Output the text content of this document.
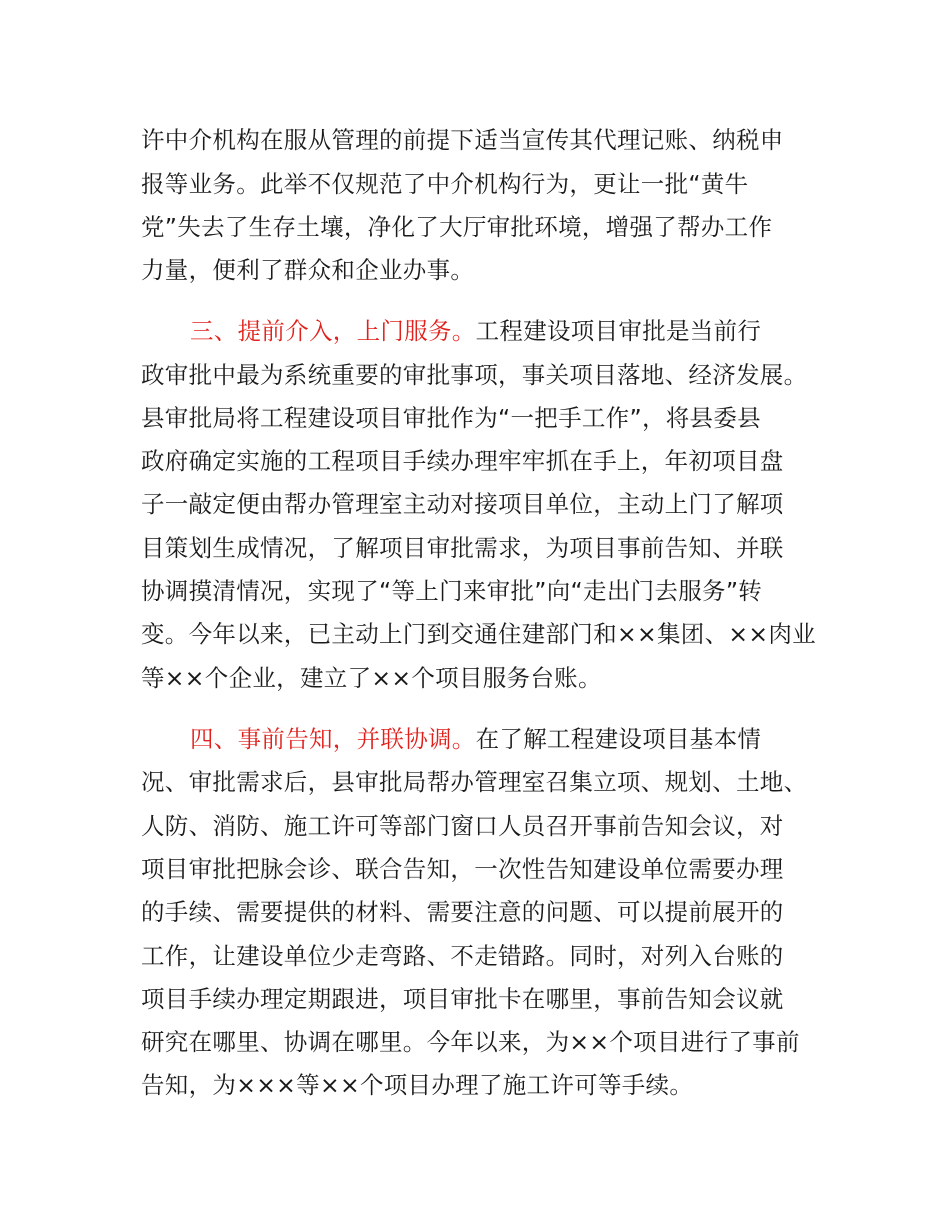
许中介机构在服从管理的前提下适当宣传其代理记账、纳税申
报等业务。此举不仅规范了中介机构行为，更让一批“黄牛
党”失去了生存土壤，净化了大厅审批环境，增强了帮办工作
力量，便利了群众和企业办事。
三、提前介入，上门服务。工程建设项目审批是当前行
政审批中最为系统重要的审批事项，事关项目落地、经济发展。
县审批局将工程建设项目审批作为“一把手工作”，将县委县
政府确定实施的工程项目手续办理牢牢抓在手上，年初项目盘
子一敲定便由帮办管理室主动对接项目单位，主动上门了解项
目策划生成情况，了解项目审批需求，为项目事前告知、并联
协调摸清情况，实现了“等上门来审批”向“走出门去服务”转
变。今年以来，已主动上门到交通住建部门和××集团、××肉业
等××个企业，建立了××个项目服务台账。
四、事前告知，并联协调。在了解工程建设项目基本情
况、审批需求后，县审批局帮办管理室召集立项、规划、土地、
人防、消防、施工许可等部门窗口人员召开事前告知会议，对
项目审批把脉会诊、联合告知，一次性告知建设单位需要办理
的手续、需要提供的材料、需要注意的问题、可以提前展开的
工作，让建设单位少走弯路、不走错路。同时，对列入台账的
项目手续办理定期跟进，项目审批卡在哪里，事前告知会议就
研究在哪里、协调在哪里。今年以来，为××个项目进行了事前
告知，为×××等××个项目办理了施工许可等手续。
